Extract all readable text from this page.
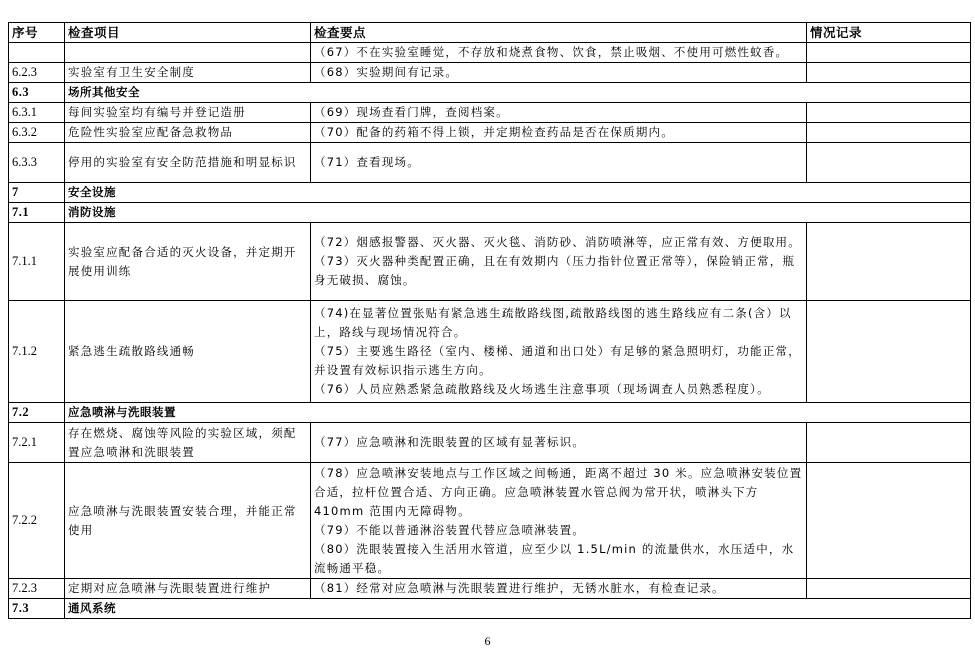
序号	检查项目	检查要点	情况记录

		（67）不在实验室睡觉，不存放和烧煮食物、饮食，禁止吸烟、不使用可燃性蚊香。	

6.2.3	实验室有卫生安全制度	（68）实验期间有记录。	

6.3	场所其他安全		
6.3.1	每间实验室均有编号并登记造册	（69）现场查看门牌，查阅档案。	

6.3.2	危险性实验室应配备急救物品	（70）配备的药箱不得上锁，并定期检查药品是否在保质期内。	

6.3.3	停用的实验室有安全防范措施和明显标识	（71）查看现场。	

7	安全设施		
7.1	消防设施		
7.1.1	实验室应配备合适的灭火设备，并定期开展使用训练	（72）烟感报警器、灭火器、灭火毯、消防砂、消防喷淋等，应正常有效、方便取用。
（73）灭火器种类配置正确，且在有效期内（压力指针位置正常等），保险销正常，瓶身无破损、腐蚀。	

7.1.2	紧急逃生疏散路线通畅	（74)在显著位置张贴有紧急逃生疏散路线图,疏散路线图的逃生路线应有二条(含）以上，路线与现场情况符合。
（75）主要逃生路径（室内、楼梯、通道和出口处）有足够的紧急照明灯，功能正常，并设置有效标识指示逃生方向。
（76）人员应熟悉紧急疏散路线及火场逃生注意事项（现场调查人员熟悉程度）。	

7.2	应急喷淋与洗眼装置		
7.2.1	存在燃烧、腐蚀等风险的实验区域，须配置应急喷淋和洗眼装置	（77）应急喷淋和洗眼装置的区域有显著标识。	

7.2.2	应急喷淋与洗眼装置安装合理，并能正常使用	（78）应急喷淋安装地点与工作区域之间畅通，距离不超过 30 米。应急喷淋安装位置合适，拉杆位置合适、方向正确。应急喷淋装置水管总阀为常开状，喷淋头下方 410mm 范围内无障碍物。
（79）不能以普通淋浴装置代替应急喷淋装置。
（80）洗眼装置接入生活用水管道，应至少以 1.5L/min 的流量供水，水压适中，水流畅通平稳。	

7.2.3	定期对应急喷淋与洗眼装置进行维护	（81）经常对应急喷淋与洗眼装置进行维护，无锈水脏水，有检查记录。	

7.3	通风系统		
6
